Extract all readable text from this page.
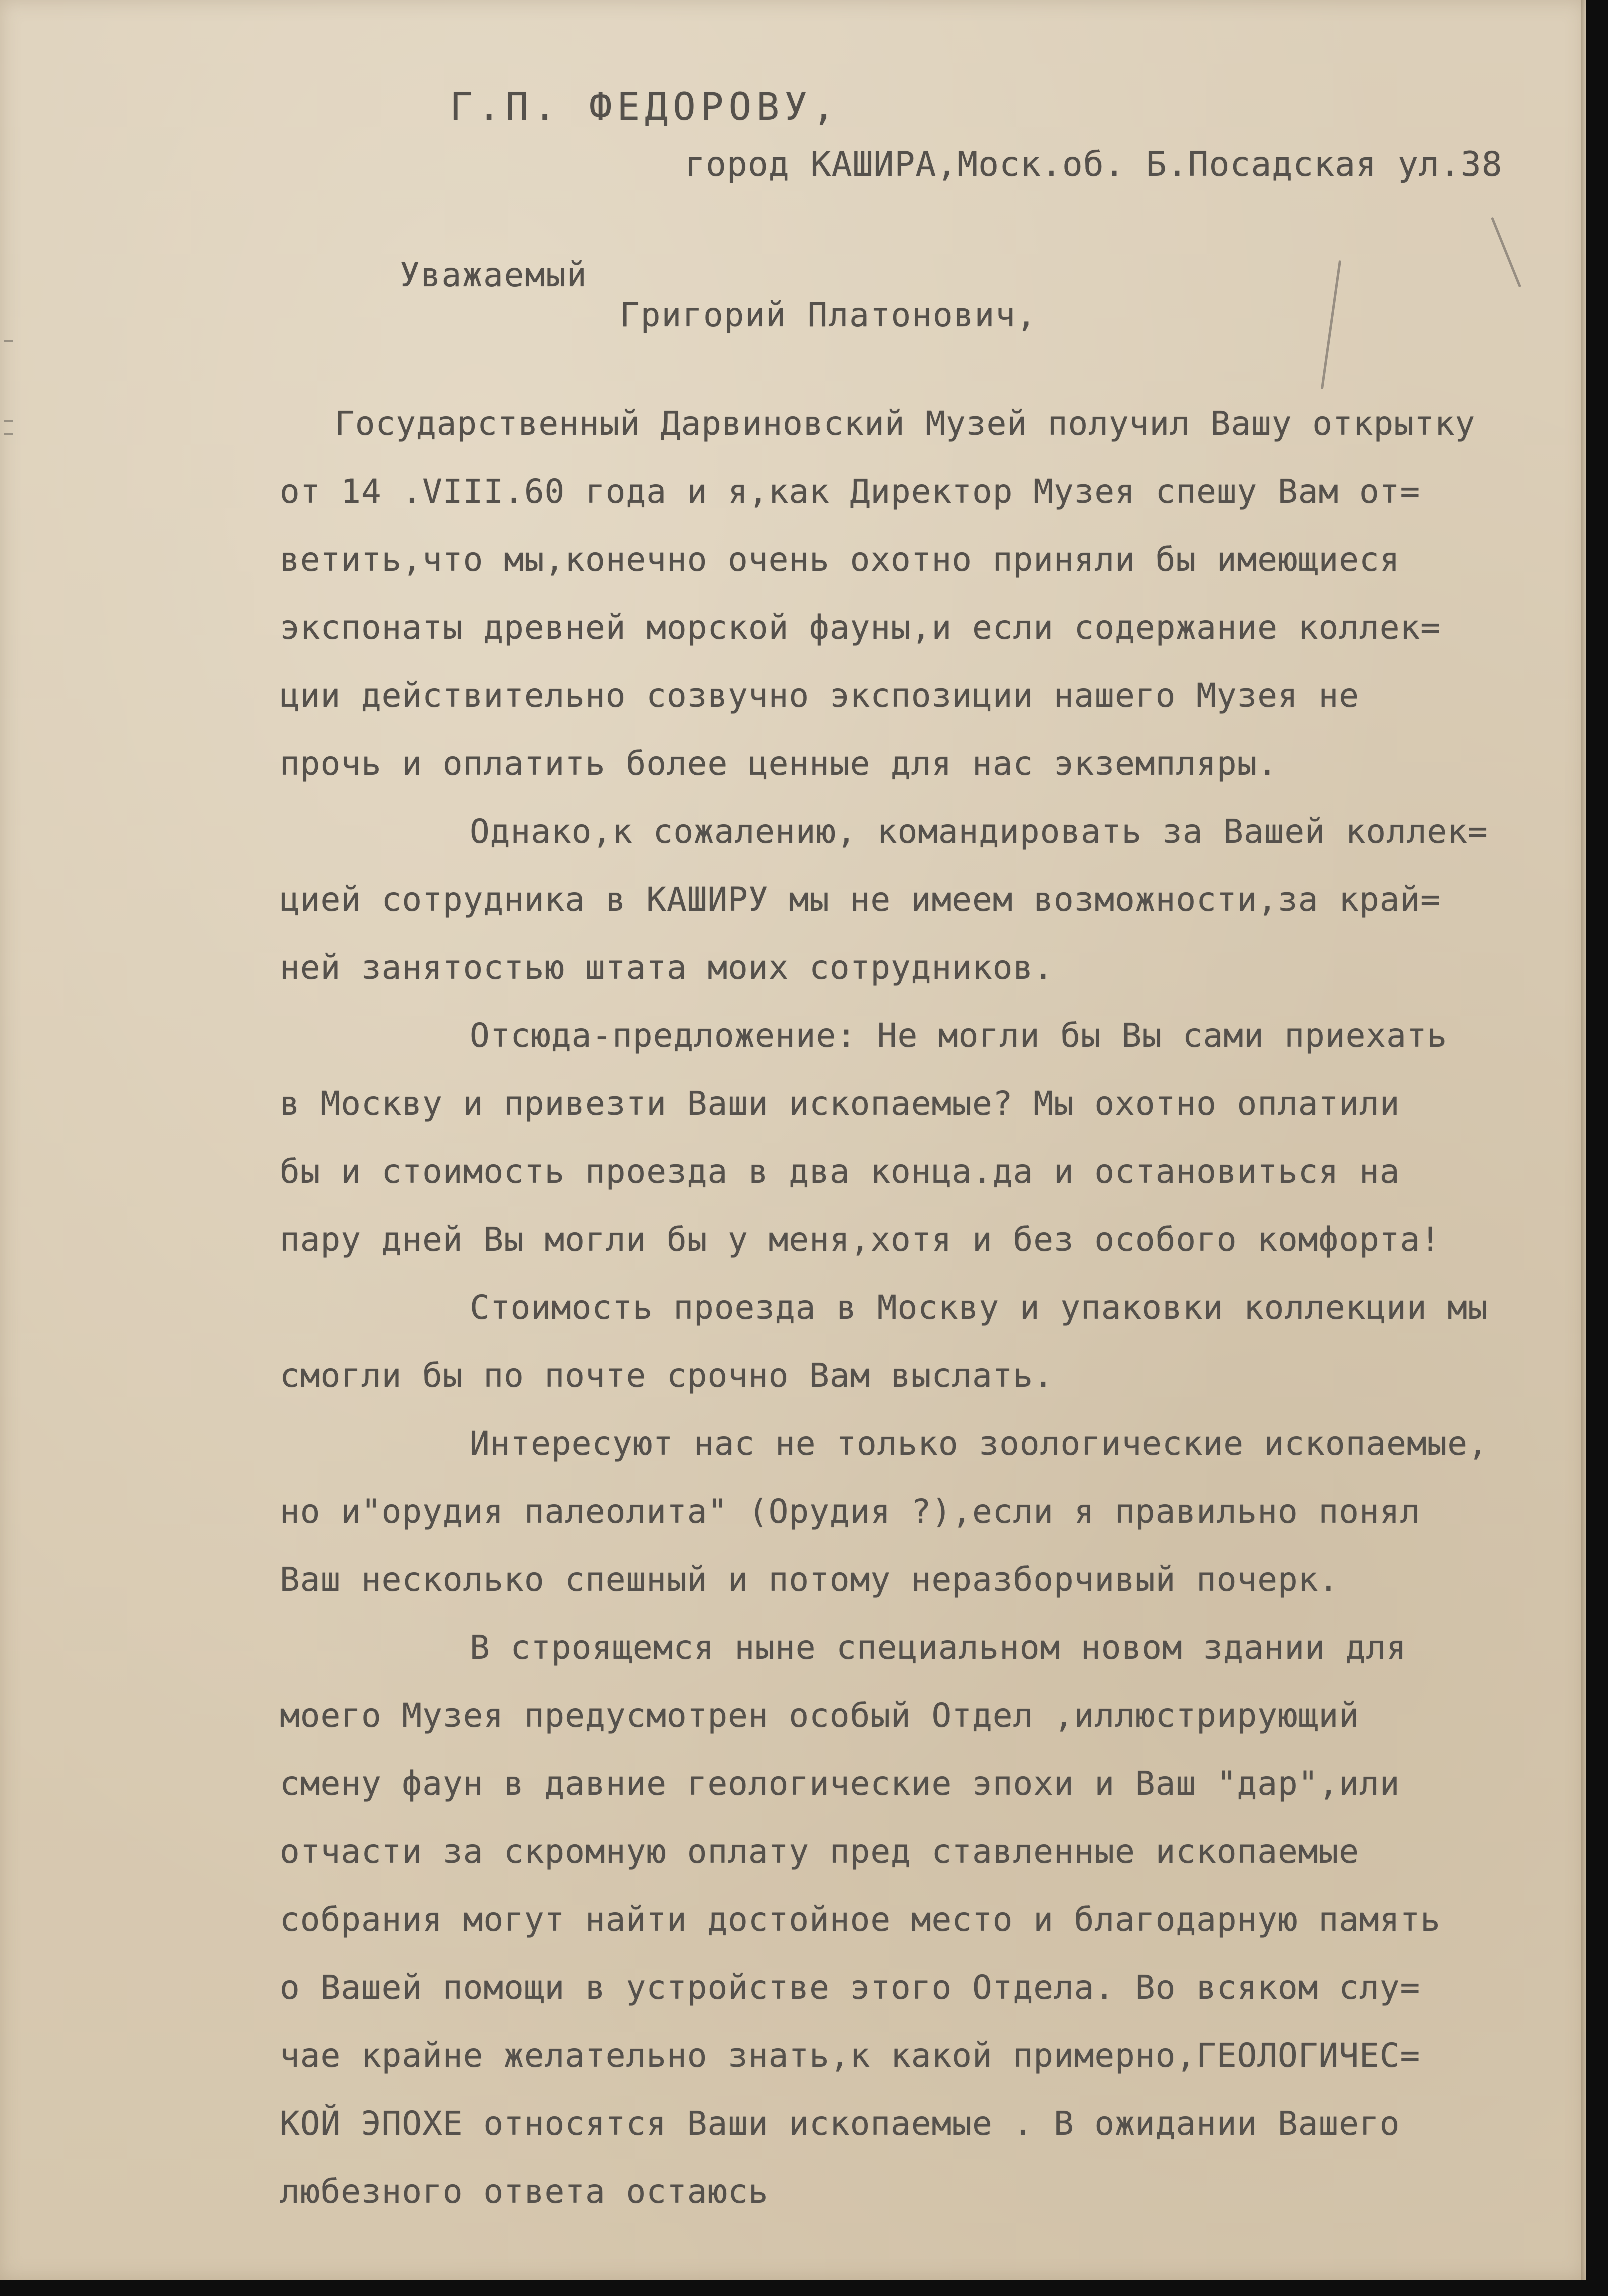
Г.П. ФЕДОРОВУ,
город КАШИРА,Моск.об. Б.Посадская ул.38
Уважаемый
Григорий Платонович,
Государственный Дарвиновский Музей получил Вашу открытку
от 14 .VIII.60 года и я,как Директор Музея спешу Вам от=
ветить,что мы,конечно очень охотно приняли бы имеющиеся
экспонаты древней морской фауны,и если содержание коллек=
ции действительно созвучно экспозиции нашего Музея не
прочь и оплатить более ценные для нас экземпляры.
Однако,к сожалению, командировать за Вашей коллек=
цией сотрудника в КАШИРУ мы не имеем возможности,за край=
ней занятостью штата моих сотрудников.
Отсюда-предложение: Не могли бы Вы сами приехать
в Москву и привезти Ваши ископаемые? Мы охотно оплатили
бы и стоимость проезда в два конца.да и остановиться на
пару дней Вы могли бы у меня,хотя и без особого комфорта!
Стоимость проезда в Москву и упаковки коллекции мы
смогли бы по почте срочно Вам выслать.
Интересуют нас не только зоологические ископаемые,
но и"орудия палеолита" (Орудия ?),если я правильно понял
Ваш несколько спешный и потому неразборчивый почерк.
В строящемся ныне специальном новом здании для
моего Музея предусмотрен особый Отдел ,иллюстрирующий
смену фаун в давние геологические эпохи и Ваш "дар",или
отчасти за скромную оплату пред ставленные ископаемые
собрания могут найти достойное место и благодарную память
о Вашей помощи в устройстве этого Отдела. Во всяком слу=
чае крайне желательно знать,к какой примерно,ГЕОЛОГИЧЕС=
КОЙ ЭПОХЕ относятся Ваши ископаемые . В ожидании Вашего
любезного ответа остаюсь
